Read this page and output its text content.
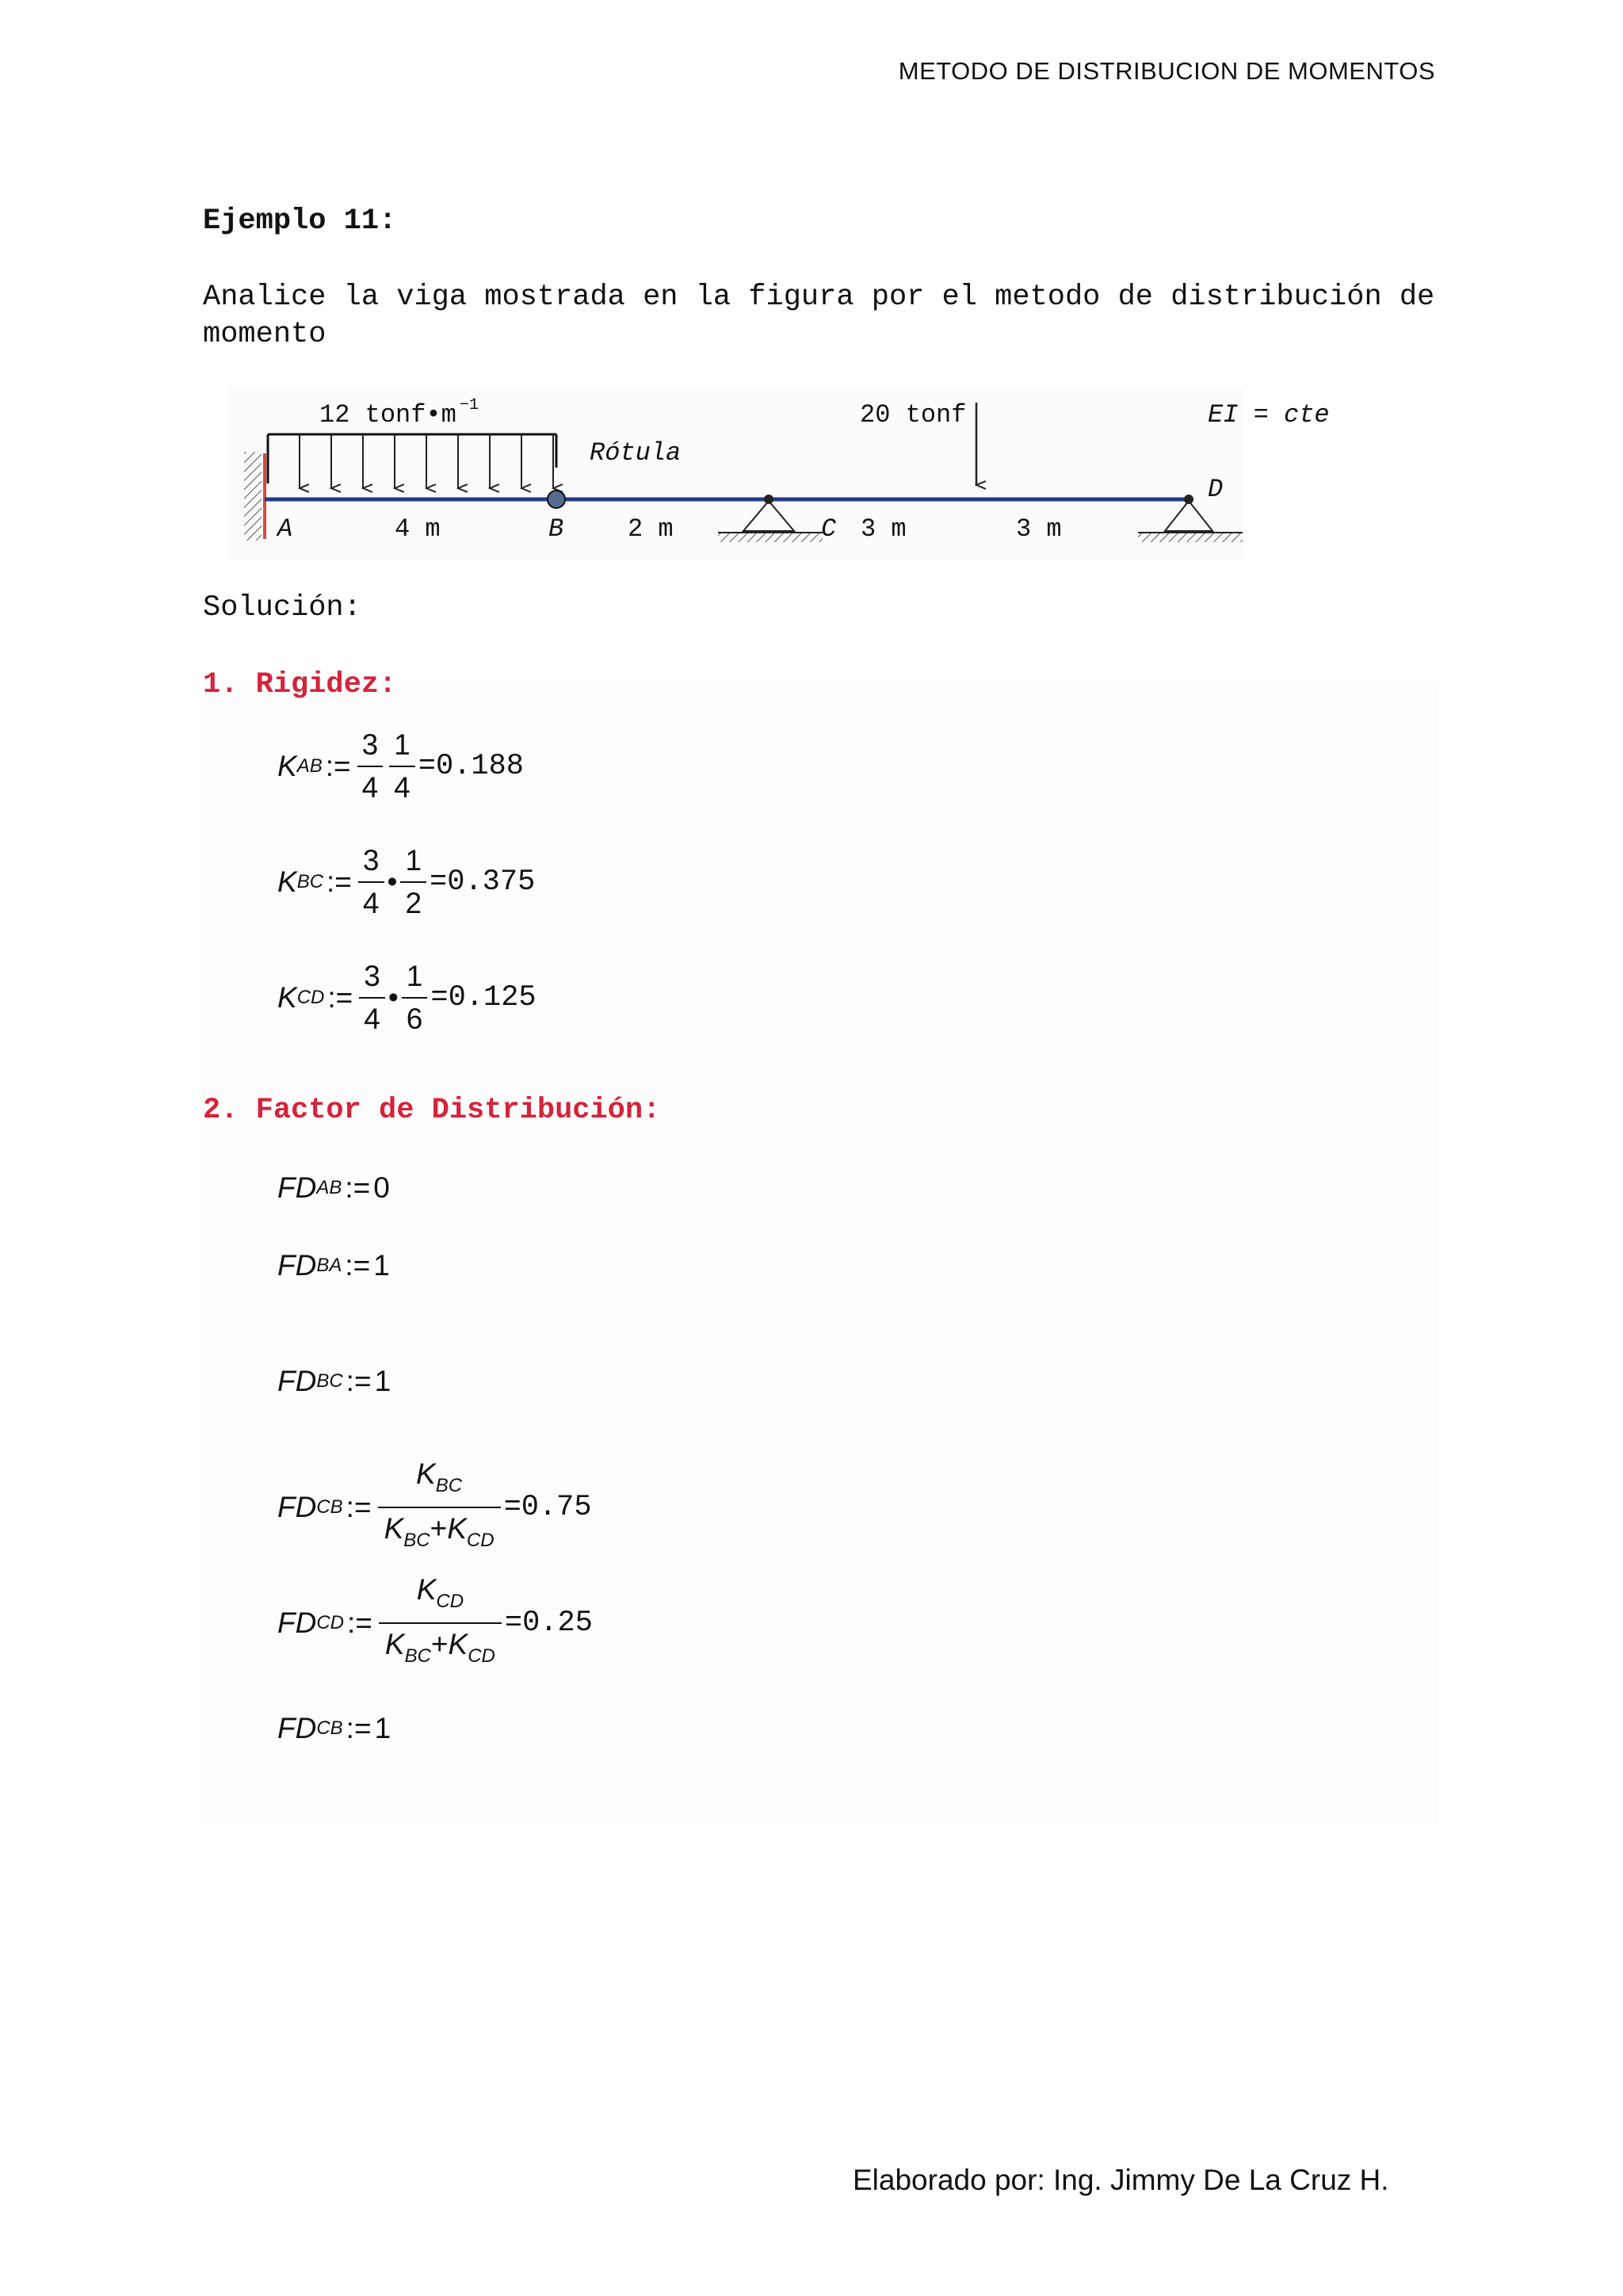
METODO DE DISTRIBUCION DE MOMENTOS
Ejemplo 11:
Analice la viga mostrada en la figura por el metodo de distribución de momento
12 tonf•m −1
Rótula
20 tonf	EI = cte
A	B	C
D
4 m	2 m	3 m	3 m
Solución:
1. Rigidez:
K AB := $\frac{3}{4} \frac{1}{4} =0.188$
K BC := $\frac{3}{4}$ • $\frac{1}{2} =0.375$
K CD := $\frac{3}{4}$ • $\frac{1}{6} =0.125$
2. Factor de Distribución:
FD AB := 0
FD BA := 1
FD BC := 1
FD CB := $\frac{K_{BC}}{K_{BC}+K_{CD}} =0.75$
FD CD := $\frac{K_{CD}}{K_{BC}+K_{CD}} =0.25$
FD CB := 1
Elaborado por: Ing. Jimmy De La Cruz H.
